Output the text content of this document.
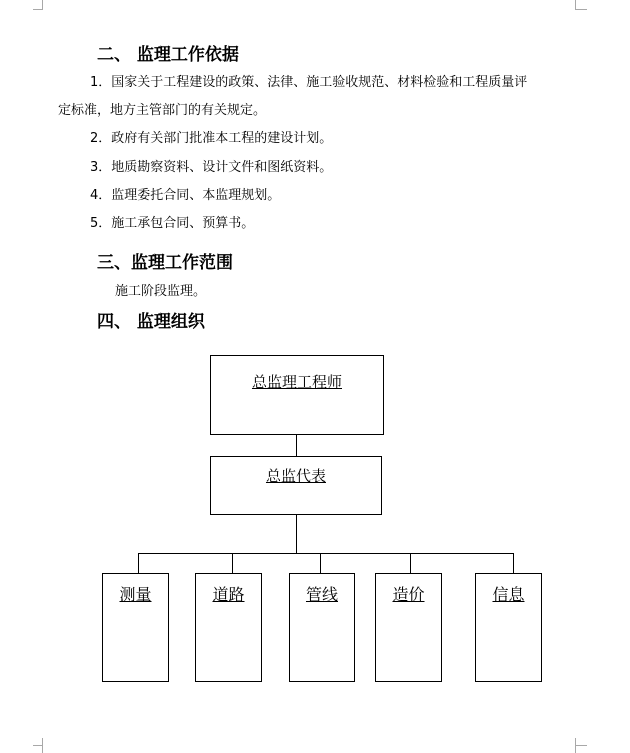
二、 监理工作依据
1．国家关于工程建设的政策、法律、施工验收规范、材料检验和工程质量评
定标准，地方主管部门的有关规定。
2．政府有关部门批准本工程的建设计划。
3．地质勘察资料、设计文件和图纸资料。
4．监理委托合同、本监理规划。
5．施工承包合同、预算书。
三、监理工作范围
施工阶段监理。
四、 监理组织
总监理工程师
总监代表
测量	道路	管线	造价	信息
